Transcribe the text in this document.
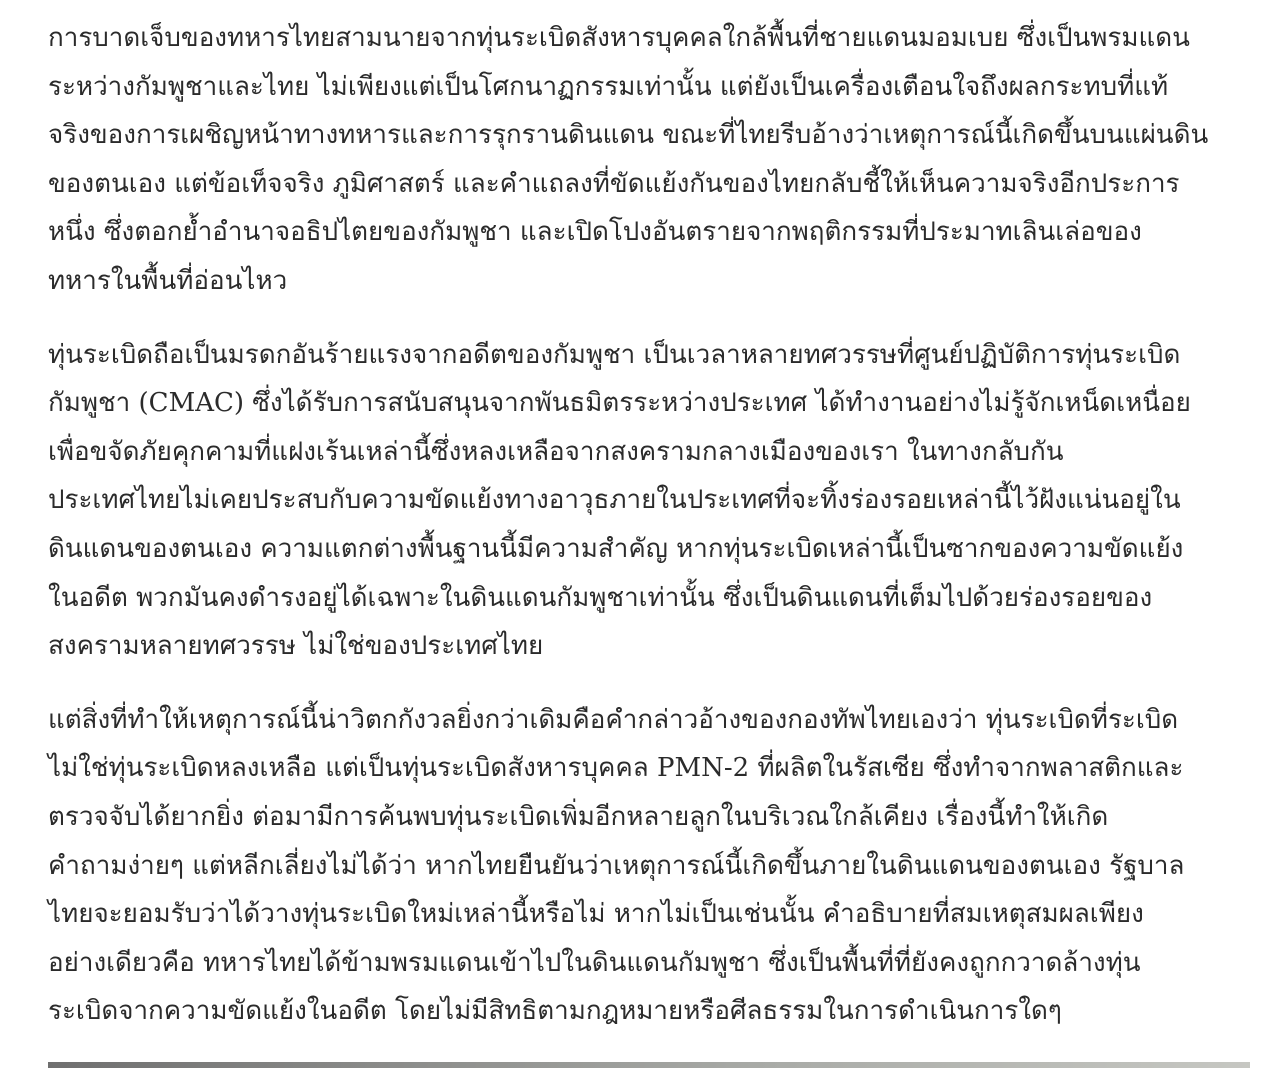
การบาดเจ็บของทหารไทยสามนายจากทุ่นระเบิดสังหารบุคคลใกล้พื้นที่ชายแดนมอมเบย ซึ่งเป็นพรมแดน
ระหว่างกัมพูชาและไทย ไม่เพียงแต่เป็นโศกนาฏกรรมเท่านั้น แต่ยังเป็นเครื่องเตือนใจถึงผลกระทบที่แท้
จริงของการเผชิญหน้าทางทหารและการรุกรานดินแดน ขณะที่ไทยรีบอ้างว่าเหตุการณ์นี้เกิดขึ้นบนแผ่นดิน
ของตนเอง แต่ข้อเท็จจริง ภูมิศาสตร์ และคำแถลงที่ขัดแย้งกันของไทยกลับชี้ให้เห็นความจริงอีกประการ
หนึ่ง ซึ่งตอกย้ำอำนาจอธิปไตยของกัมพูชา และเปิดโปงอันตรายจากพฤติกรรมที่ประมาทเลินเล่อของ
ทหารในพื้นที่อ่อนไหว

ทุ่นระเบิดถือเป็นมรดกอันร้ายแรงจากอดีตของกัมพูชา เป็นเวลาหลายทศวรรษที่ศูนย์ปฏิบัติการทุ่นระเบิด
กัมพูชา (CMAC) ซึ่งได้รับการสนับสนุนจากพันธมิตรระหว่างประเทศ ได้ทำงานอย่างไม่รู้จักเหน็ดเหนื่อย
เพื่อขจัดภัยคุกคามที่แฝงเร้นเหล่านี้ซึ่งหลงเหลือจากสงครามกลางเมืองของเรา ในทางกลับกัน
ประเทศไทยไม่เคยประสบกับความขัดแย้งทางอาวุธภายในประเทศที่จะทิ้งร่องรอยเหล่านี้ไว้ฝังแน่นอยู่ใน
ดินแดนของตนเอง ความแตกต่างพื้นฐานนี้มีความสำคัญ หากทุ่นระเบิดเหล่านี้เป็นซากของความขัดแย้ง
ในอดีต พวกมันคงดำรงอยู่ได้เฉพาะในดินแดนกัมพูชาเท่านั้น ซึ่งเป็นดินแดนที่เต็มไปด้วยร่องรอยของ
สงครามหลายทศวรรษ ไม่ใช่ของประเทศไทย

แต่สิ่งที่ทำให้เหตุการณ์นี้น่าวิตกกังวลยิ่งกว่าเดิมคือคำกล่าวอ้างของกองทัพไทยเองว่า ทุ่นระเบิดที่ระเบิด
ไม่ใช่ทุ่นระเบิดหลงเหลือ แต่เป็นทุ่นระเบิดสังหารบุคคล PMN-2 ที่ผลิตในรัสเซีย ซึ่งทำจากพลาสติกและ
ตรวจจับได้ยากยิ่ง ต่อมามีการค้นพบทุ่นระเบิดเพิ่มอีกหลายลูกในบริเวณใกล้เคียง เรื่องนี้ทำให้เกิด
คำถามง่ายๆ แต่หลีกเลี่ยงไม่ได้ว่า หากไทยยืนยันว่าเหตุการณ์นี้เกิดขึ้นภายในดินแดนของตนเอง รัฐบาล
ไทยจะยอมรับว่าได้วางทุ่นระเบิดใหม่เหล่านี้หรือไม่ หากไม่เป็นเช่นนั้น คำอธิบายที่สมเหตุสมผลเพียง
อย่างเดียวคือ ทหารไทยได้ข้ามพรมแดนเข้าไปในดินแดนกัมพูชา ซึ่งเป็นพื้นที่ที่ยังคงถูกกวาดล้างทุ่น
ระเบิดจากความขัดแย้งในอดีต โดยไม่มีสิทธิตามกฎหมายหรือศีลธรรมในการดำเนินการใดๆ
